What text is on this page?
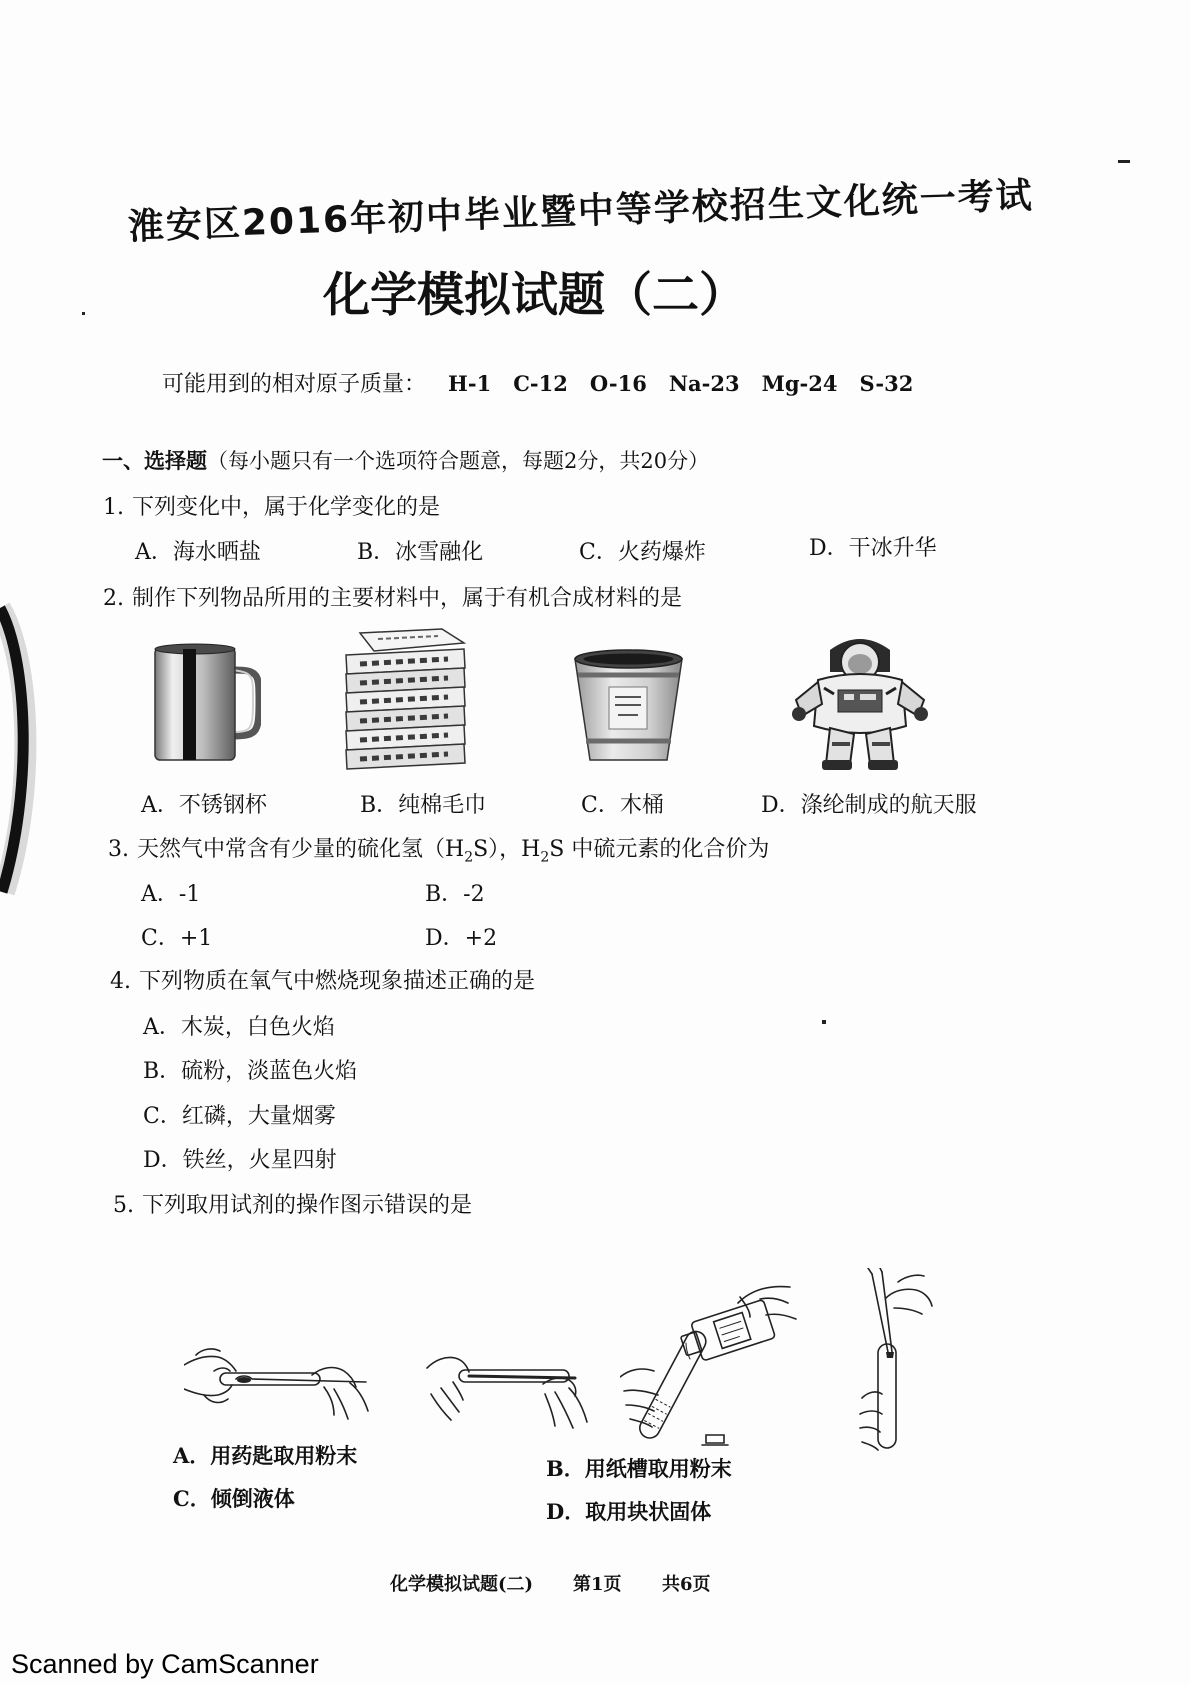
淮安区2016年初中毕业暨中等学校招生文化统一考试
化学模拟试题（二）
可能用到的相对原子质量： H-1 C-12 O-16 Na-23 Mg-24 S-32
一、选择题（每小题只有一个选项符合题意，每题2分，共20分）
1. 下列变化中，属于化学变化的是
A．海水晒盐	B．冰雪融化	C．火药爆炸	D．干冰升华
2. 制作下列物品所用的主要材料中，属于有机合成材料的是
A．不锈钢杯	B．纯棉毛巾	C．木桶	D．涤纶制成的航天服
3. 天然气中常含有少量的硫化氢$(H_2S)$，$H_2S$ 中硫元素的化合价为
A．-1	B．-2
C．+1	D．+2
4. 下列物质在氧气中燃烧现象描述正确的是
A．木炭，白色火焰
B．硫粉，淡蓝色火焰
C．红磷，大量烟雾
D．铁丝，火星四射
5. 下列取用试剂的操作图示错误的是
A．用药匙取用粉末
B．用纸槽取用粉末
C．倾倒液体
D．取用块状固体
化学模拟试题(二) 第1页 共6页
Scanned by CamScanner
